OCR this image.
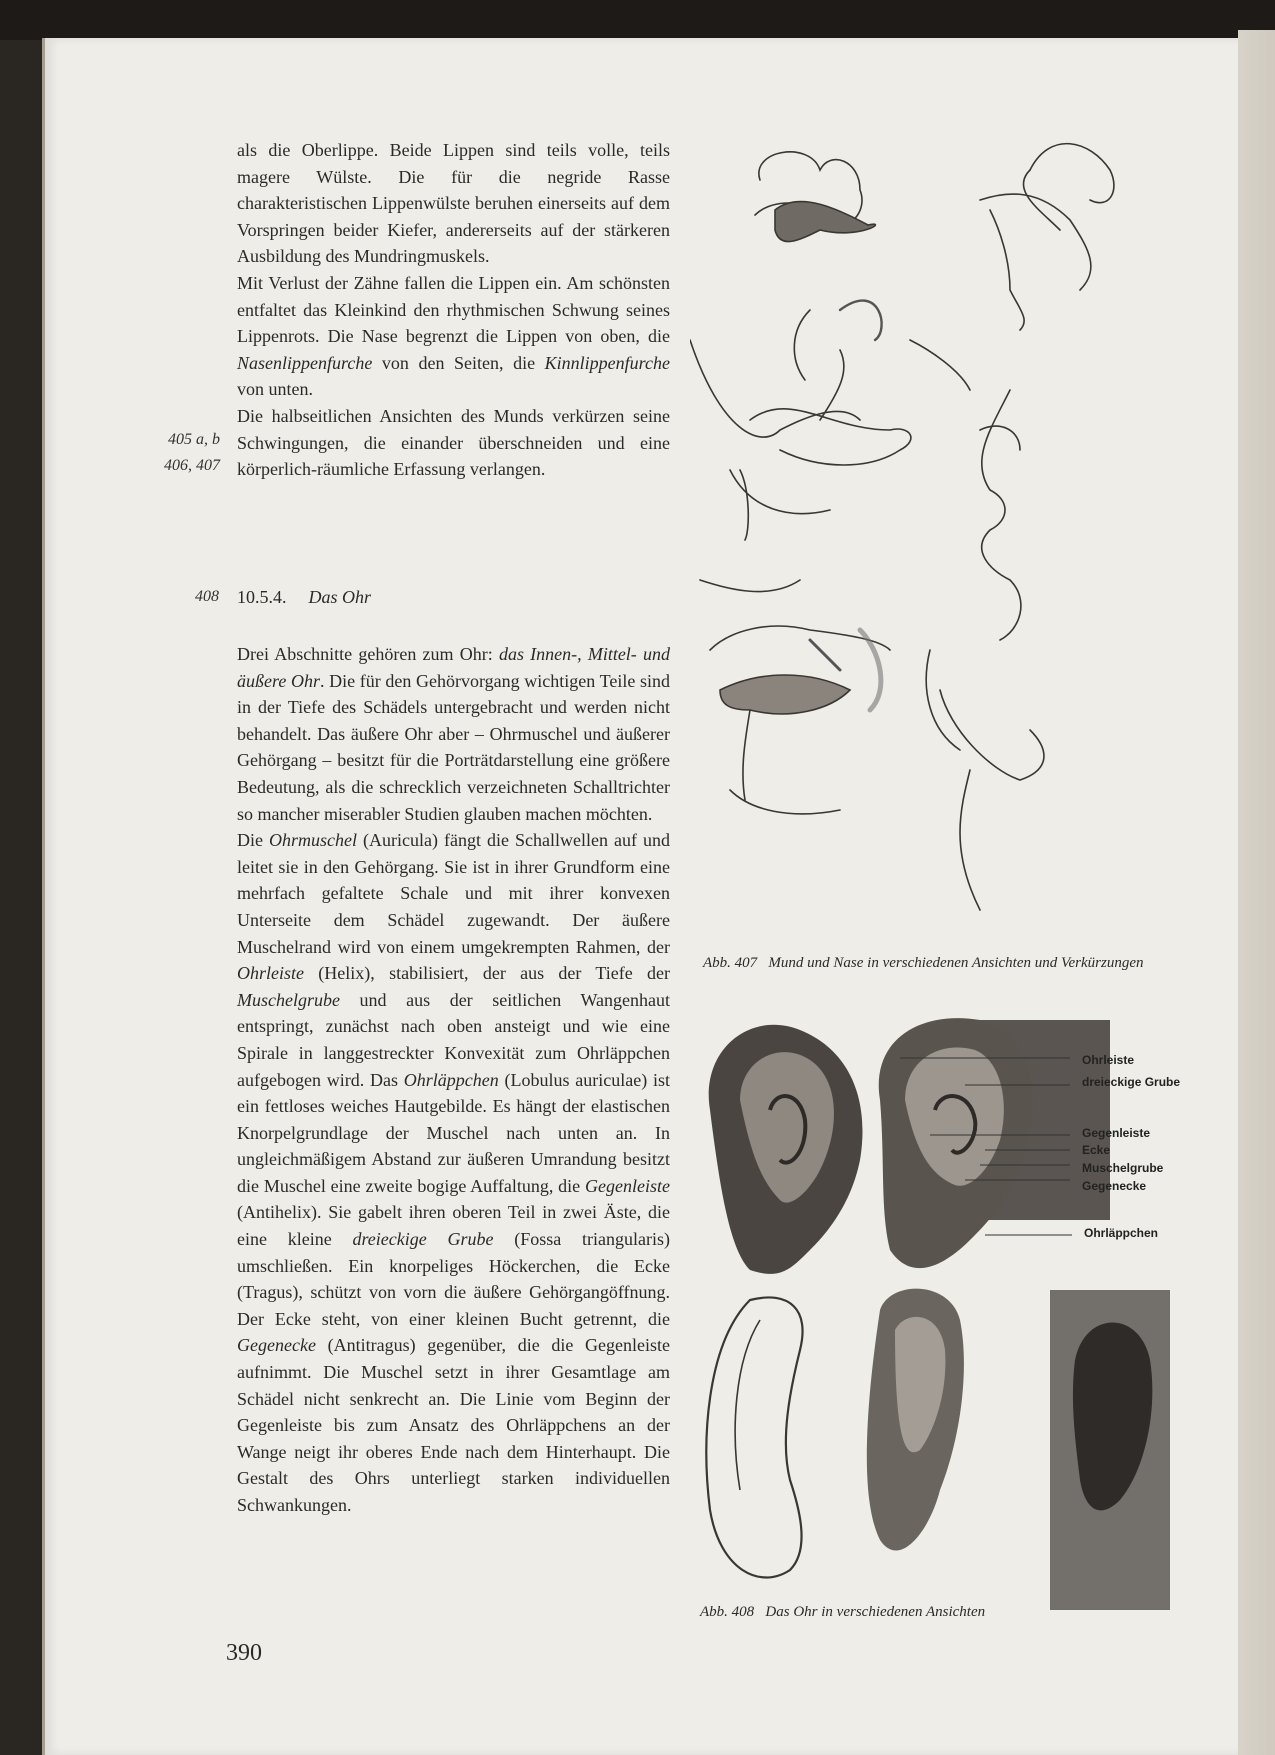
als die Oberlippe. Beide Lippen sind teils volle, teils magere Wülste. Die für die negride Rasse charakteristischen Lippenwülste beruhen einerseits auf dem Vorspringen beider Kiefer, andererseits auf der stärkeren Ausbildung des Mundringmuskels.

Mit Verlust der Zähne fallen die Lippen ein. Am schönsten entfaltet das Kleinkind den rhythmischen Schwung seines Lippenrots. Die Nase begrenzt die Lippen von oben, die Nasenlippenfurche von den Seiten, die Kinnlippenfurche von unten.

Die halbseitlichen Ansichten des Munds verkürzen seine Schwingungen, die einander überschneiden und eine körperlich-räumliche Erfassung verlangen.

405 a, b
406, 407
408 10.5.4. Das Ohr

Drei Abschnitte gehören zum Ohr: das Innen-, Mittel- und äußere Ohr. Die für den Gehörvorgang wichtigen Teile sind in der Tiefe des Schädels untergebracht und werden nicht behandelt. Das äußere Ohr aber – Ohrmuschel und äußerer Gehörgang – besitzt für die Porträtdarstellung eine größere Bedeutung, als die schrecklich verzeichneten Schalltrichter so mancher miserabler Studien glauben machen möchten.

Die Ohrmuschel (Auricula) fängt die Schallwellen auf und leitet sie in den Gehörgang. Sie ist in ihrer Grundform eine mehrfach gefaltete Schale und mit ihrer konvexen Unterseite dem Schädel zugewandt. Der äußere Muschelrand wird von einem umgekrempten Rahmen, der Ohrleiste (Helix), stabilisiert, der aus der Tiefe der Muschelgrube und aus der seitlichen Wangenhaut entspringt, zunächst nach oben ansteigt und wie eine Spirale in langgestreckter Konvexität zum Ohrläppchen aufgebogen wird. Das Ohrläppchen (Lobulus auriculae) ist ein fettloses weiches Hautgebilde. Es hängt der elastischen Knorpelgrundlage der Muschel nach unten an. In ungleichmäßigem Abstand zur äußeren Umrandung besitzt die Muschel eine zweite bogige Auffaltung, die Gegenleiste (Antihelix). Sie gabelt ihren oberen Teil in zwei Äste, die eine kleine dreieckige Grube (Fossa triangularis) umschließen. Ein knorpeliges Höckerchen, die Ecke (Tragus), schützt von vorn die äußere Gehörgangöffnung. Der Ecke steht, von einer kleinen Bucht getrennt, die Gegenecke (Antitragus) gegenüber, die die Gegenleiste aufnimmt. Die Muschel setzt in ihrer Gesamtlage am Schädel nicht senkrecht an. Die Linie vom Beginn der Gegenleiste bis zum Ansatz des Ohrläppchens an der Wange neigt ihr oberes Ende nach dem Hinterhaupt. Die Gestalt des Ohrs unterliegt starken individuellen Schwankungen.

390
Abb. 407 Mund und Nase in verschiedenen Ansichten und Verkürzungen
Ohrleiste
dreieckige Grube
Gegenleiste
Ecke
Muschelgrube
Gegenecke
Ohrläppchen
Abb. 408 Das Ohr in verschiedenen Ansichten
